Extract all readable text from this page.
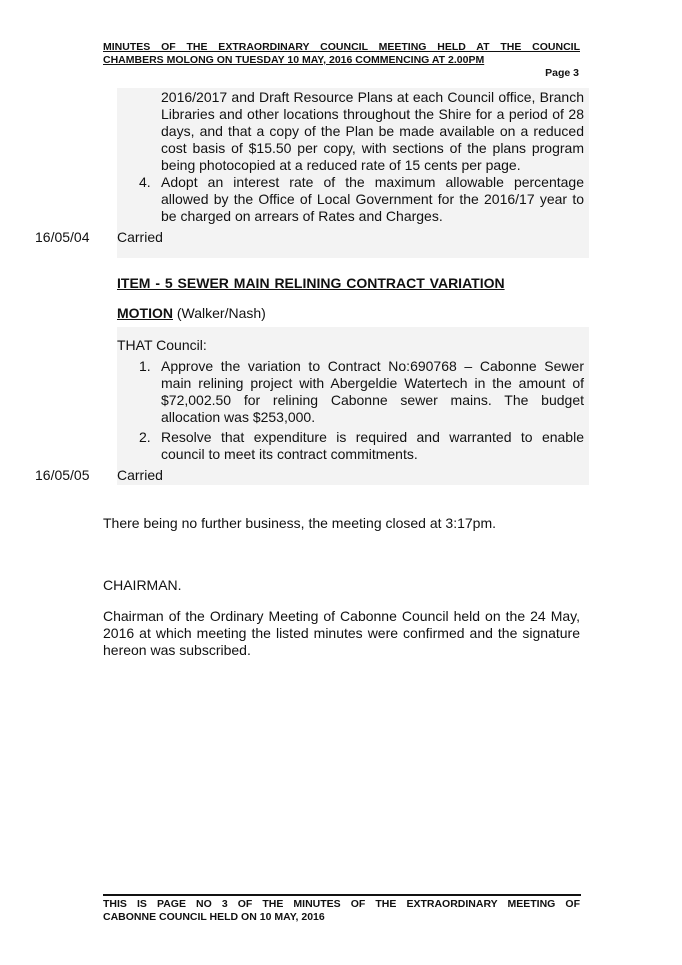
MINUTES OF THE EXTRAORDINARY COUNCIL MEETING HELD AT THE COUNCIL
CHAMBERS MOLONG ON TUESDAY 10 MAY, 2016 COMMENCING AT 2.00PM
Page 3
2016/2017 and Draft Resource Plans at each Council office, Branch Libraries and other locations throughout the Shire for a period of 28 days, and that a copy of the Plan be made available on a reduced cost basis of $15.50 per copy, with sections of the plans program being photocopied at a reduced rate of 15 cents per page.
4. Adopt an interest rate of the maximum allowable percentage allowed by the Office of Local Government for the 2016/17 year to be charged on arrears of Rates and Charges.
16/05/04 Carried
ITEM - 5 SEWER MAIN RELINING CONTRACT VARIATION
MOTION (Walker/Nash)
THAT Council:
1. Approve the variation to Contract No:690768 – Cabonne Sewer main relining project with Abergeldie Watertech in the amount of $72,002.50 for relining Cabonne sewer mains. The budget allocation was $253,000.
2. Resolve that expenditure is required and warranted to enable council to meet its contract commitments.
16/05/05 Carried
There being no further business, the meeting closed at 3:17pm.
CHAIRMAN.
Chairman of the Ordinary Meeting of Cabonne Council held on the 24 May, 2016 at which meeting the listed minutes were confirmed and the signature hereon was subscribed.
THIS IS PAGE NO 3 OF THE MINUTES OF THE EXTRAORDINARY MEETING OF
CABONNE COUNCIL HELD ON 10 MAY, 2016
